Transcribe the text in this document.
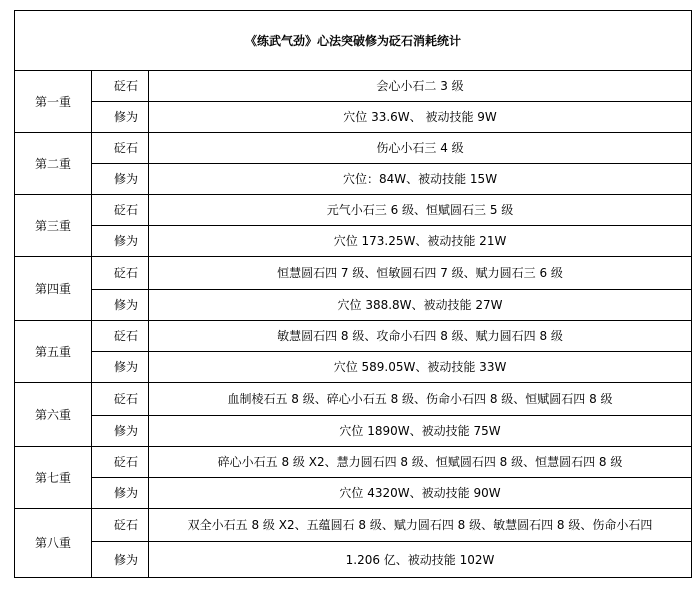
《练武气劲》心法突破修为砭石消耗统计		
第一重	砭石	会心小石二 3 级
	修为	穴位 33.6W、 被动技能 9W
第二重	砭石	伤心小石三 4 级
	修为	穴位：84W、被动技能 15W
第三重	砭石	元气小石三 6 级、恒赋圆石三 5 级
	修为	穴位 173.25W、被动技能 21W
第四重	砭石	恒慧圆石四 7 级、恒敏圆石四 7 级、赋力圆石三 6 级
	修为	穴位 388.8W、被动技能 27W
第五重	砭石	敏慧圆石四 8 级、攻命小石四 8 级、赋力圆石四 8 级
	修为	穴位 589.05W、被动技能 33W
第六重	砭石	血制棱石五 8 级、碎心小石五 8 级、伤命小石四 8 级、恒赋圆石四 8 级
	修为	穴位 1890W、被动技能 75W
第七重	砭石	碎心小石五 8 级 X2、慧力圆石四 8 级、恒赋圆石四 8 级、恒慧圆石四 8 级
	修为	穴位 4320W、被动技能 90W
第八重	砭石	双全小石五 8 级 X2、五蕴圆石 8 级、赋力圆石四 8 级、敏慧圆石四 8 级、伤命小石四
	修为	1.206 亿、被动技能 102W
